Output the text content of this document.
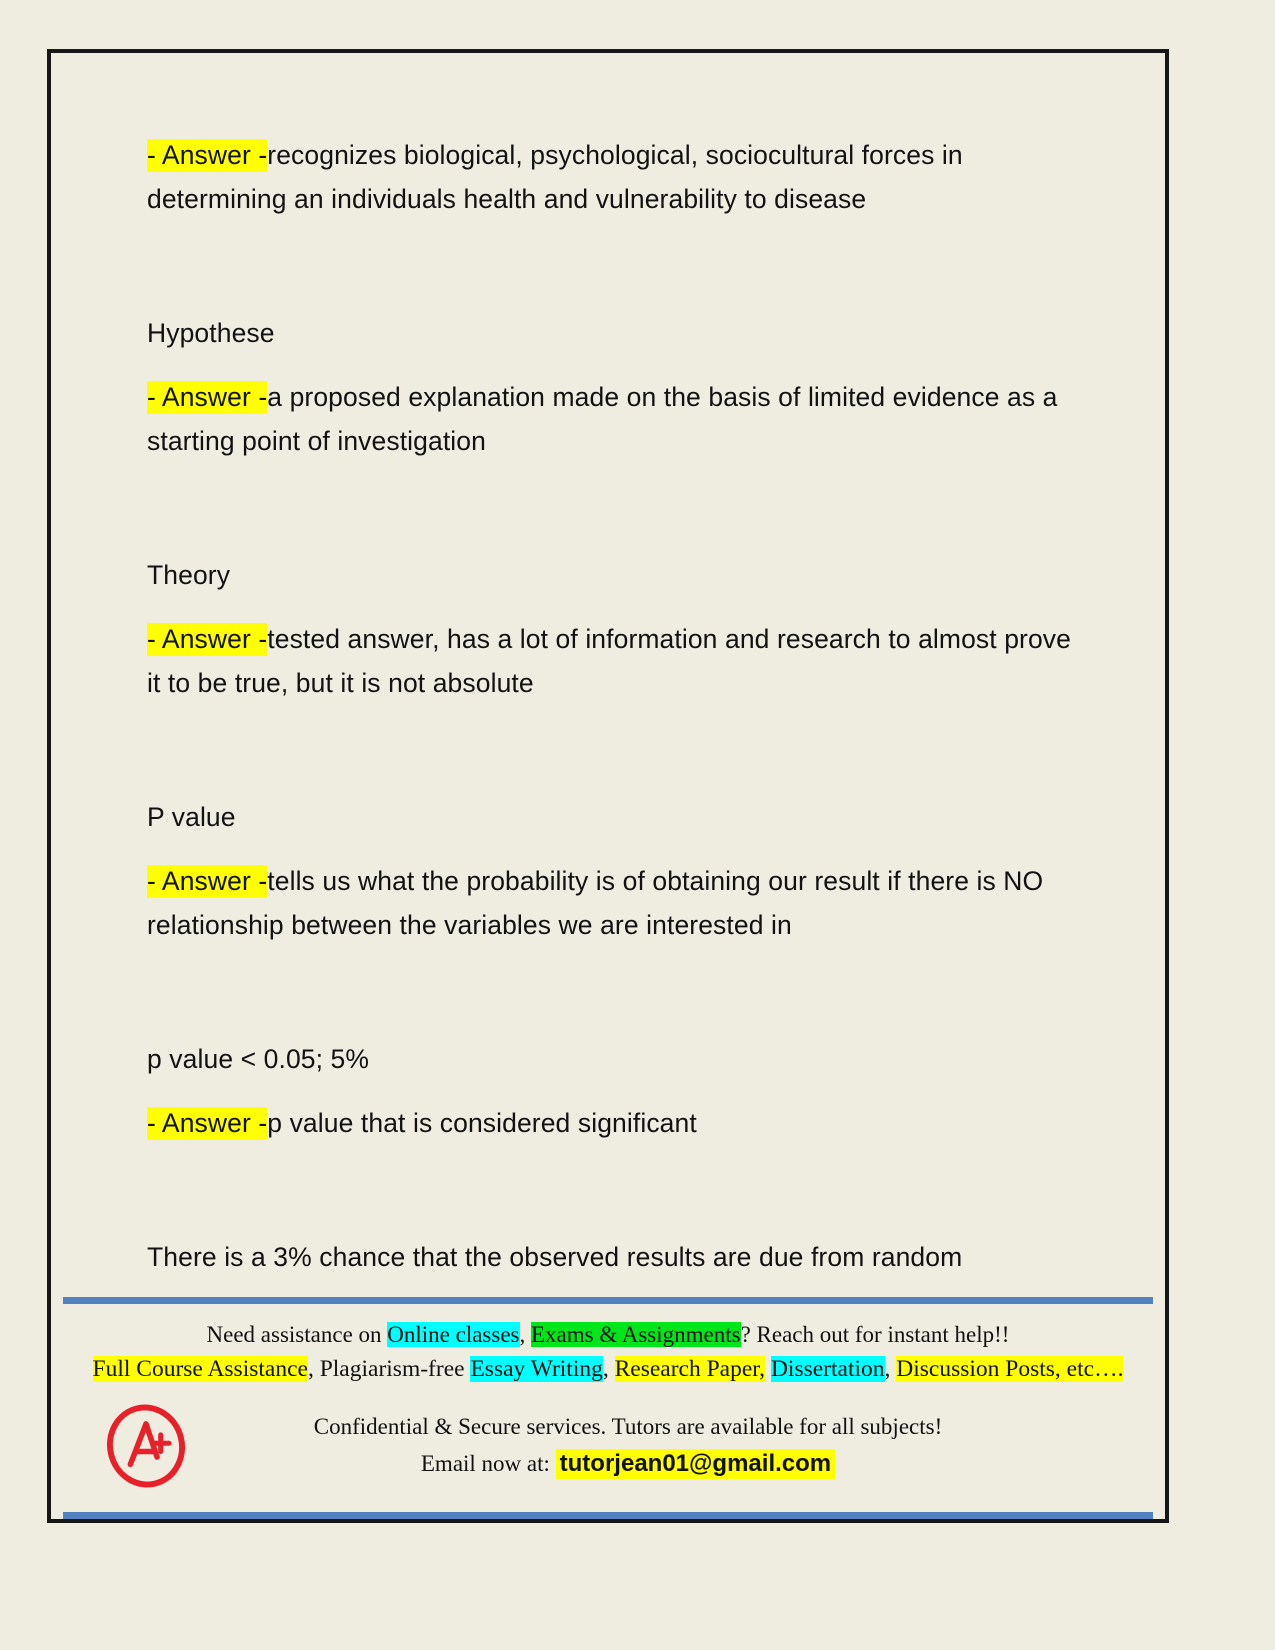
- Answer -recognizes biological, psychological, sociocultural forces in determining an individuals health and vulnerability to disease

Hypothese

- Answer -a proposed explanation made on the basis of limited evidence as a starting point of investigation

Theory

- Answer -tested answer, has a lot of information and research to almost prove it to be true, but it is not absolute

P value

- Answer -tells us what the probability is of obtaining our result if there is NO relationship between the variables we are interested in

p value < 0.05; 5%

- Answer -p value that is considered significant

There is a 3% chance that the observed results are due from random

Need assistance on Online classes, Exams & Assignments? Reach out for instant help!!
Full Course Assistance, Plagiarism-free Essay Writing, Research Paper, Dissertation, Discussion Posts, etc….
Confidential & Secure services. Tutors are available for all subjects!
Email now at: tutorjean01@gmail.com
